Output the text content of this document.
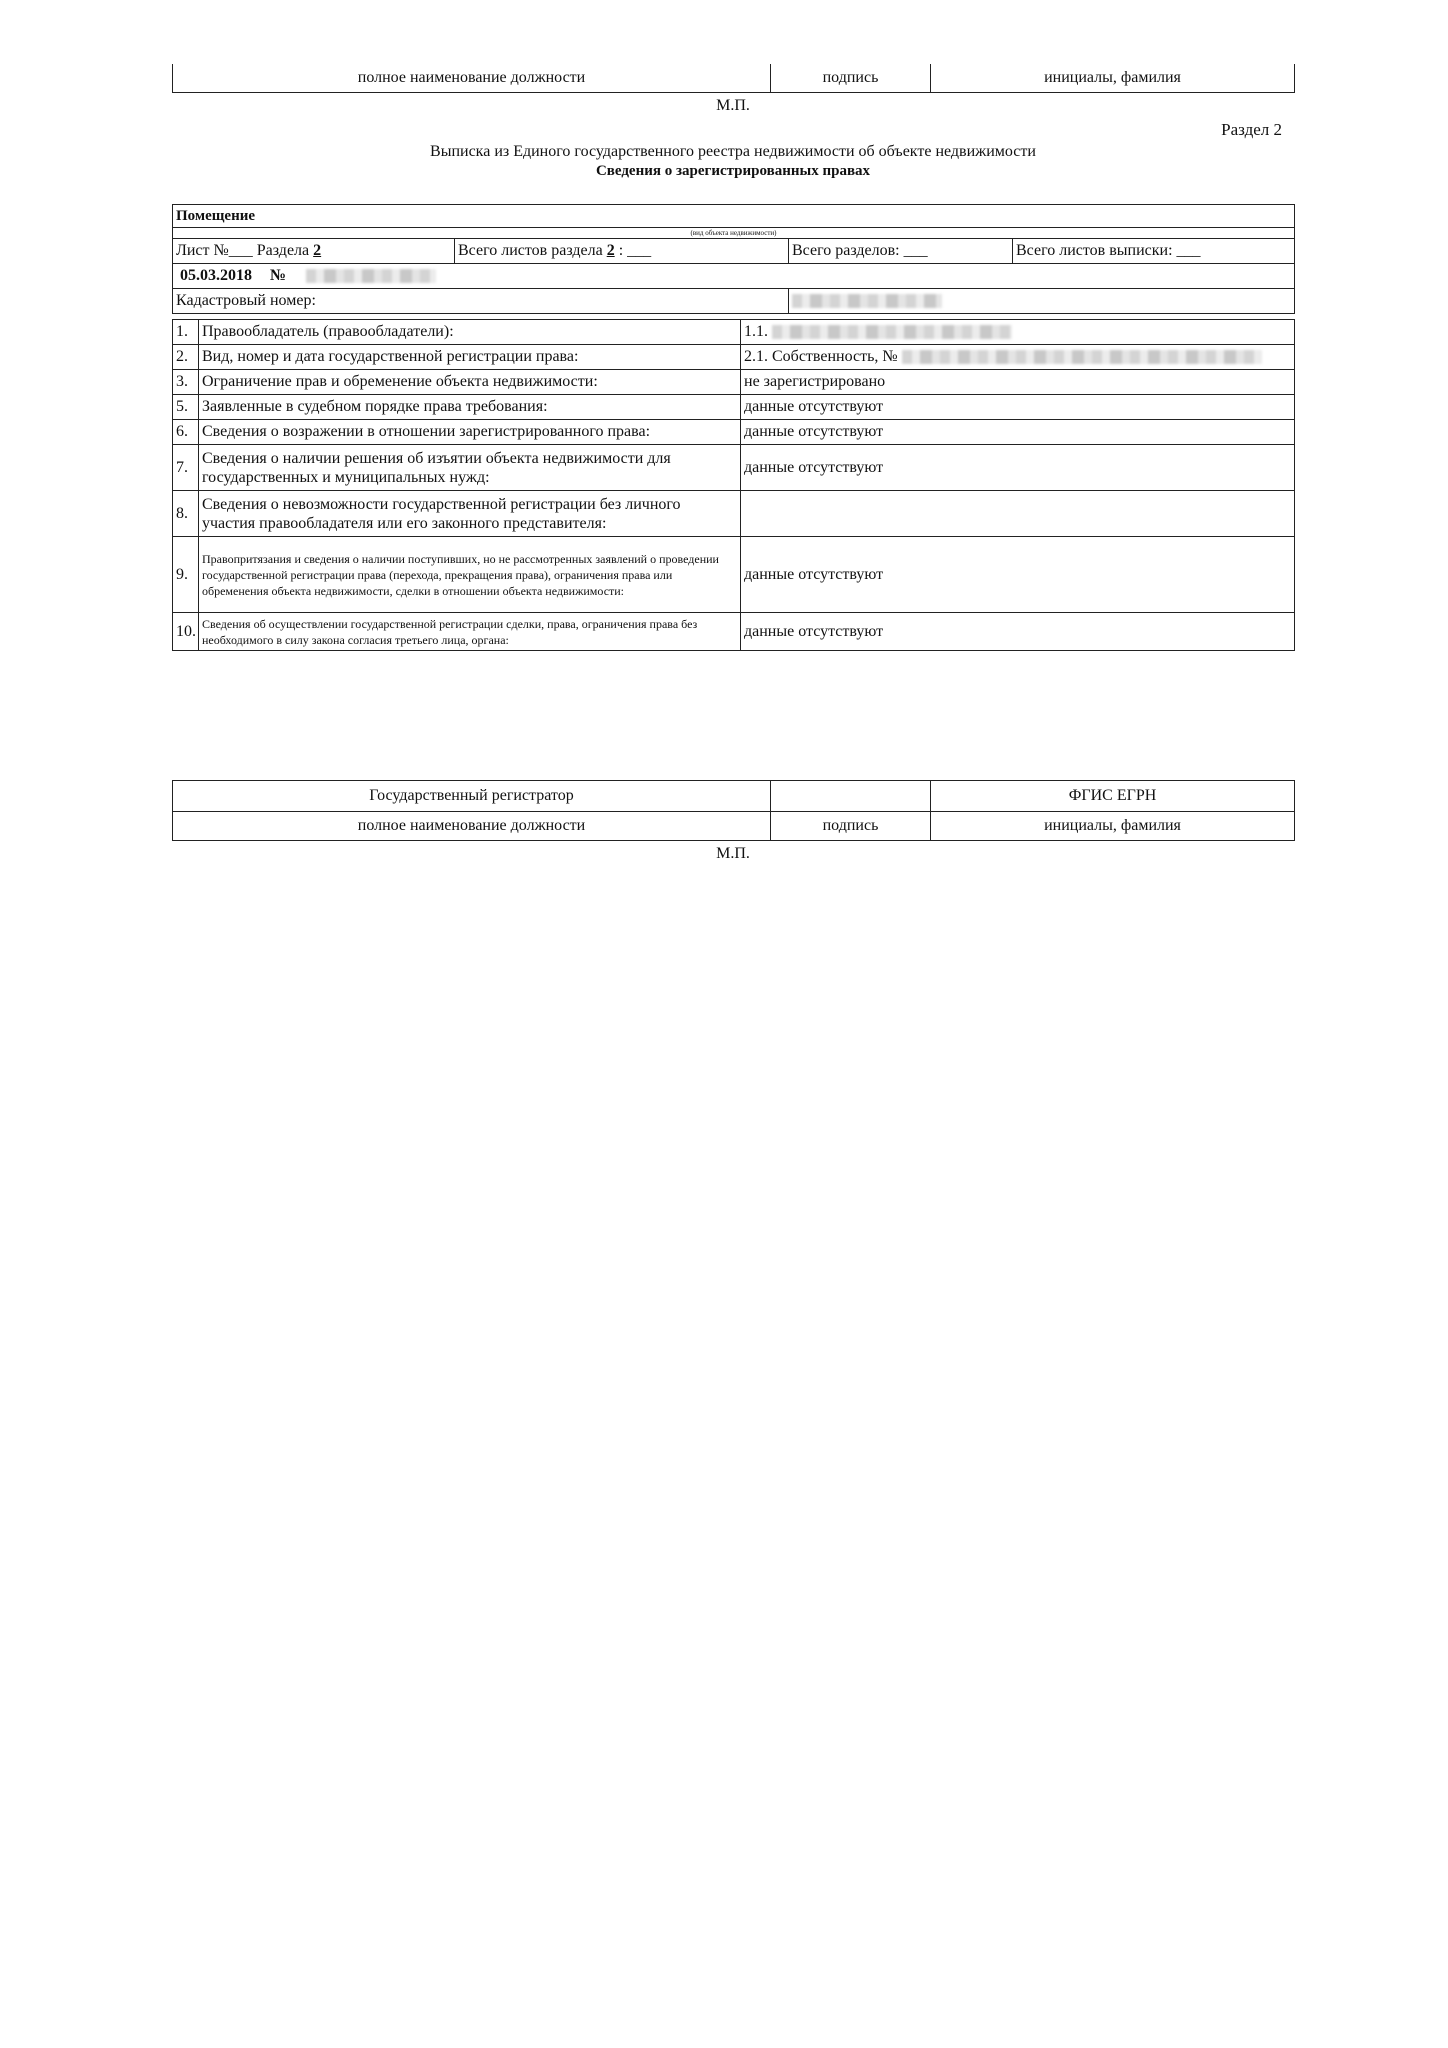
полное наименование должности	подпись	инициалы, фамилия
М.П.
Раздел 2
Выписка из Единого государственного реестра недвижимости об объекте недвижимости
Сведения о зарегистрированных правах
Помещение			
(вид объекта недвижимости)			
Лист №___ Раздела 2	Всего листов раздела 2 : ___	Всего разделов: ___	Всего листов выписки: ___
05.03.2018 №			
Кадастровый номер:			
1.	Правообладатель (правообладатели):	1.1.
2.	Вид, номер и дата государственной регистрации права:	2.1. Собственность, №
3.	Ограничение прав и обременение объекта недвижимости:	не зарегистрировано
5.	Заявленные в судебном порядке права требования:	данные отсутствуют
6.	Сведения о возражении в отношении зарегистрированного права:	данные отсутствуют
7.	Сведения о наличии решения об изъятии объекта недвижимости для государственных и муниципальных нужд:	данные отсутствуют
8.	Сведения о невозможности государственной регистрации без личного участия правообладателя или его законного представителя:	
9.	Правопритязания и сведения о наличии поступивших, но не рассмотренных заявлений о проведении государственной регистрации права (перехода, прекращения права), ограничения права или обременения объекта недвижимости, сделки в отношении объекта недвижимости:	данные отсутствуют
10.	Сведения об осуществлении государственной регистрации сделки, права, ограничения права без необходимого в силу закона согласия третьего лица, органа:	данные отсутствуют
Государственный регистратор		ФГИС ЕГРН
полное наименование должности	подпись	инициалы, фамилия
М.П.
